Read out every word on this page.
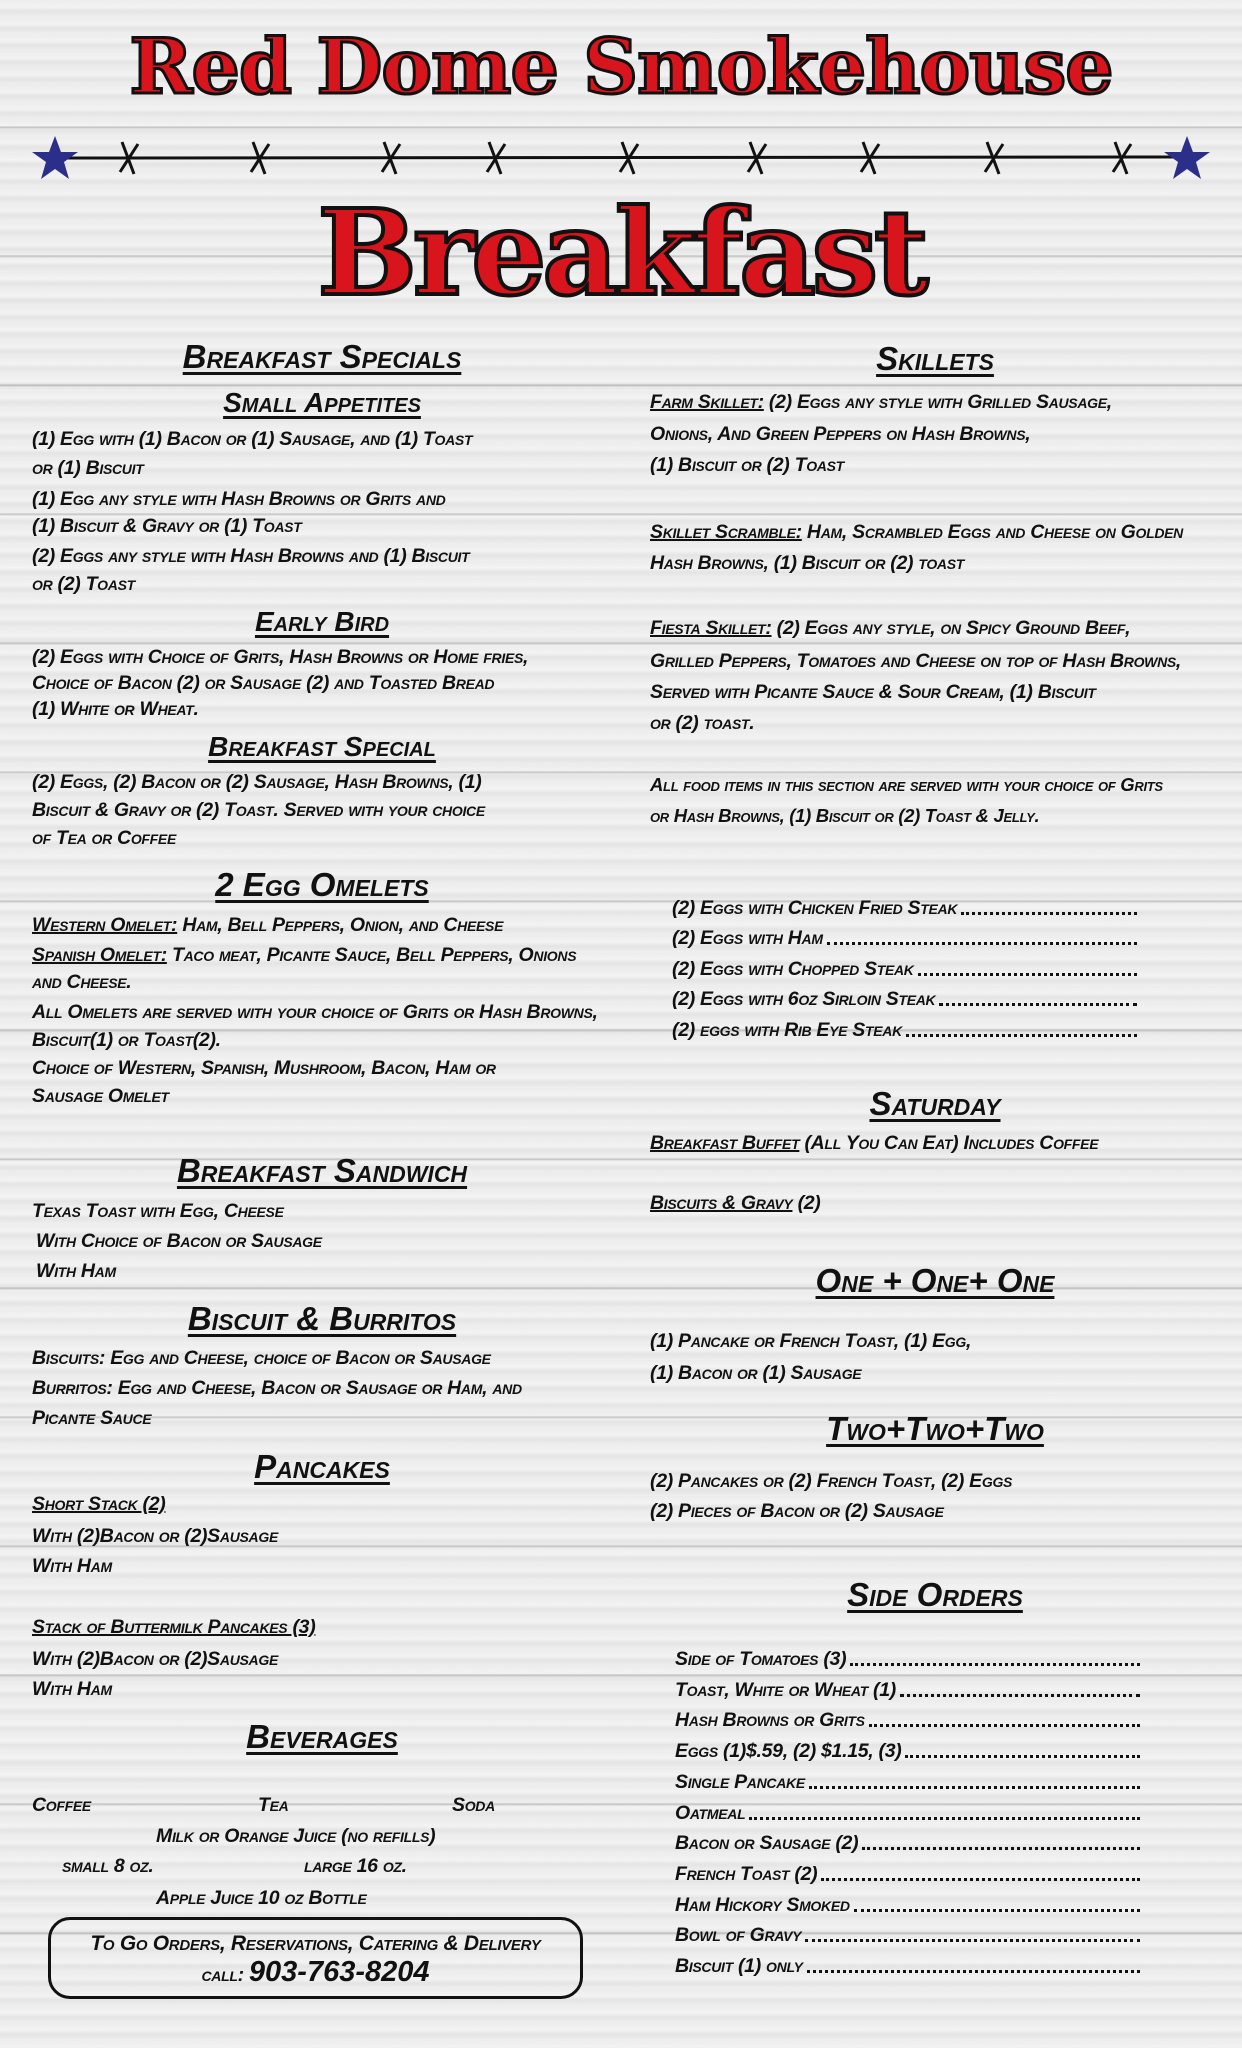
Red Dome Smokehouse
Breakfast
Breakfast Specials
Small Appetites
(1) Egg with (1) Bacon or (1) Sausage, and (1) Toast
or (1) Biscuit
(1) Egg any style with Hash Browns or Grits and
(1) Biscuit & Gravy or (1) Toast
(2) Eggs any style with Hash Browns and (1) Biscuit
or (2) Toast
Early Bird
(2) Eggs with Choice of Grits, Hash Browns or Home fries,
Choice of Bacon (2) or Sausage (2) and Toasted Bread
(1) White or Wheat.
Breakfast Special
(2) Eggs, (2) Bacon or (2) Sausage, Hash Browns, (1)
Biscuit & Gravy or (2) Toast. Served with your choice
of Tea or Coffee
2 Egg Omelets
Western Omelet: Ham, Bell Peppers, Onion, and Cheese
Spanish Omelet: Taco meat, Picante Sauce, Bell Peppers, Onions
and Cheese.
All Omelets are served with your choice of Grits or Hash Browns,
Biscuit(1) or Toast(2).
Choice of Western, Spanish, Mushroom, Bacon, Ham or
Sausage Omelet
Breakfast Sandwich
Texas Toast with Egg, Cheese
With Choice of Bacon or Sausage
With Ham
Biscuit & Burritos
Biscuits: Egg and Cheese, choice of Bacon or Sausage
Burritos: Egg and Cheese, Bacon or Sausage or Ham, and
Picante Sauce
Pancakes
Short Stack (2)
With (2)Bacon or (2)Sausage
With Ham
Stack of Buttermilk Pancakes (3)
With (2)Bacon or (2)Sausage
With Ham
Beverages
Coffee	Tea	Soda
Milk or Orange Juice (no refills)
small 8 oz.	large 16 oz.
Apple Juice 10 oz Bottle
To Go Orders, Reservations, Catering & Delivery
call: 903-763-8204
Skillets
Farm Skillet: (2) Eggs any style with Grilled Sausage,
Onions, And Green Peppers on Hash Browns,
(1) Biscuit or (2) Toast
Skillet Scramble: Ham, Scrambled Eggs and Cheese on Golden
Hash Browns, (1) Biscuit or (2) toast
Fiesta Skillet: (2) Eggs any style, on Spicy Ground Beef,
Grilled Peppers, Tomatoes and Cheese on top of Hash Browns,
Served with Picante Sauce & Sour Cream, (1) Biscuit
or (2) toast.
All food items in this section are served with your choice of Grits
or Hash Browns, (1) Biscuit or (2) Toast & Jelly.
(2) Eggs with Chicken Fried Steak
(2) Eggs with Ham
(2) Eggs with Chopped Steak
(2) Eggs with 6oz Sirloin Steak
(2) eggs with Rib Eye Steak
Saturday
Breakfast Buffet (All You Can Eat) Includes Coffee
Biscuits & Gravy (2)
One + One+ One
(1) Pancake or French Toast, (1) Egg,
(1) Bacon or (1) Sausage
Two+Two+Two
(2) Pancakes or (2) French Toast, (2) Eggs
(2) Pieces of Bacon or (2) Sausage
Side Orders
Side of Tomatoes (3)
Toast, White or Wheat (1)
Hash Browns or Grits
Eggs (1)$.59, (2) $1.15, (3)
Single Pancake
Oatmeal
Bacon or Sausage (2)
French Toast (2)
Ham Hickory Smoked
Bowl of Gravy
Biscuit (1) only
